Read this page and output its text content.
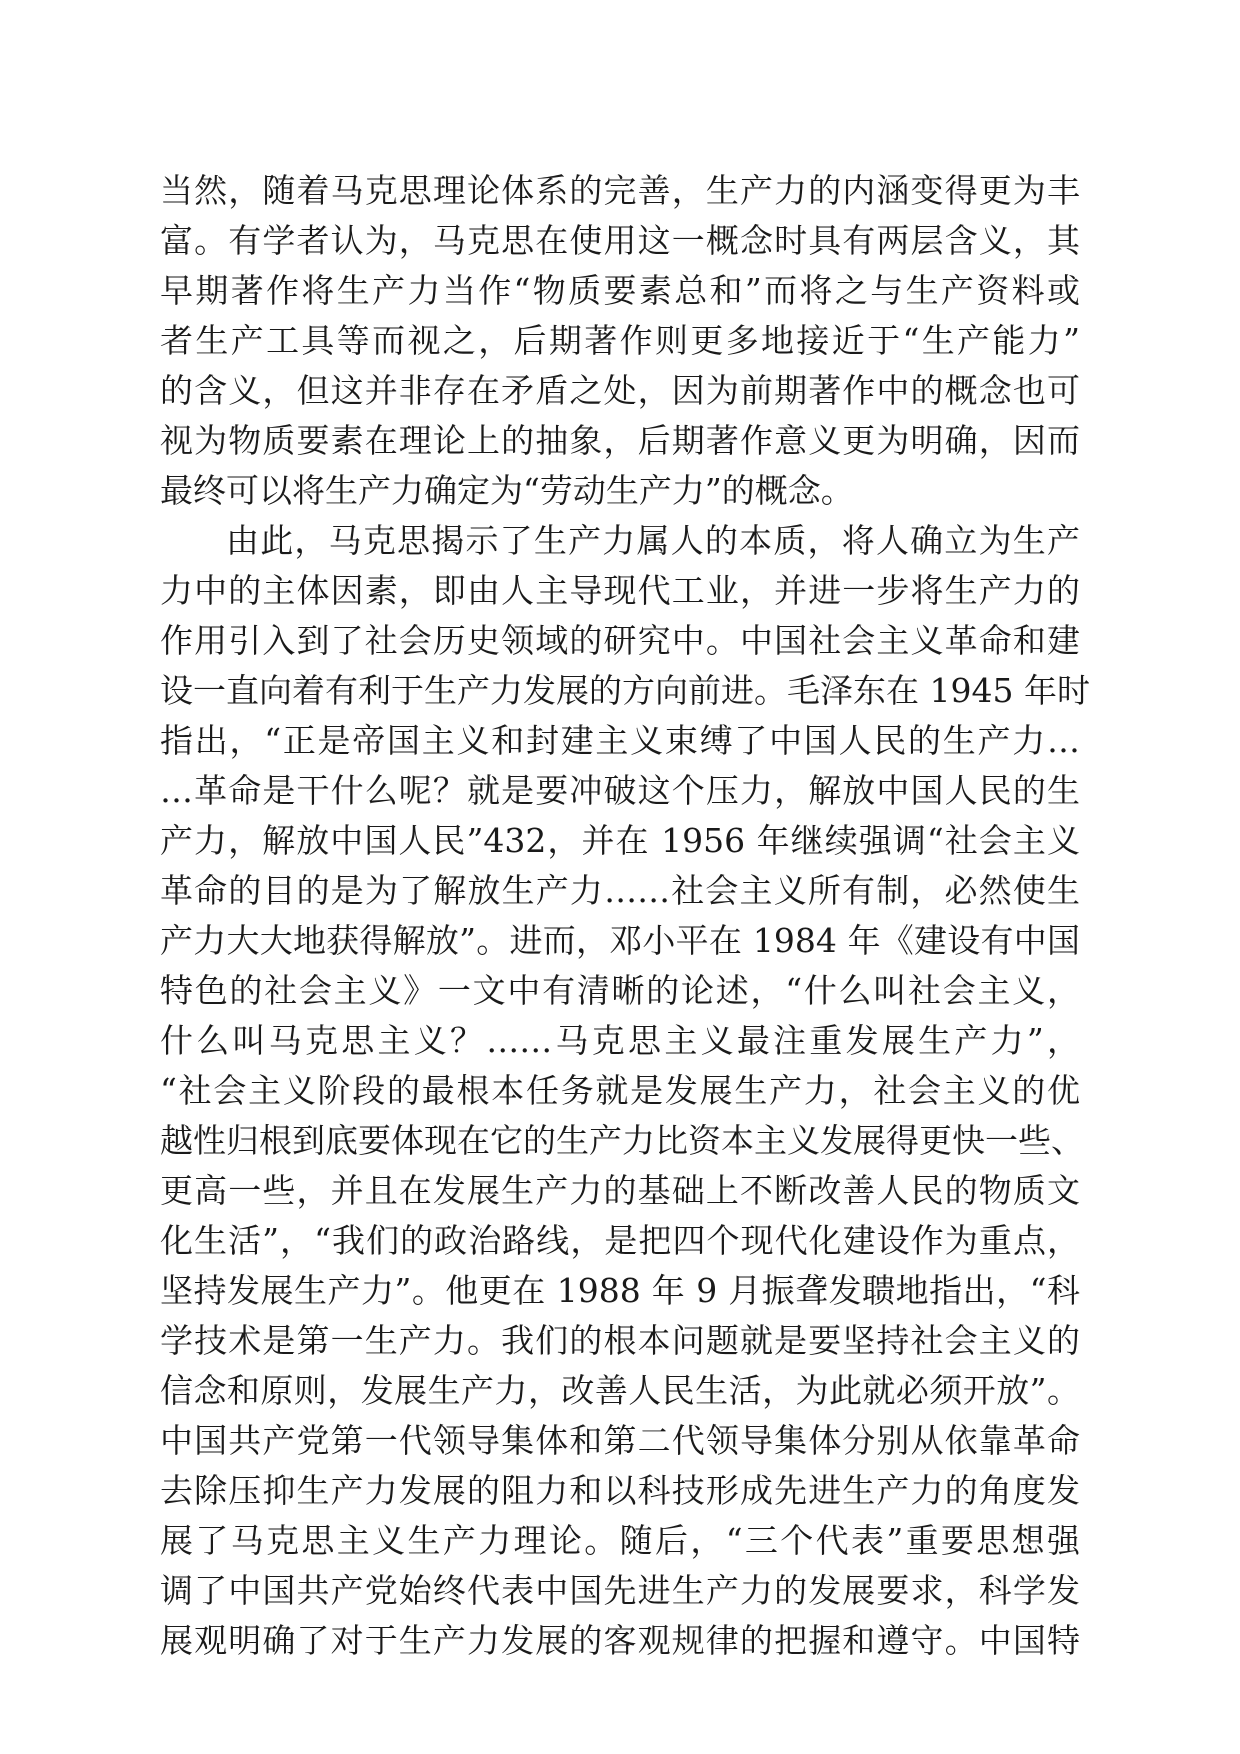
当然，随着马克思理论体系的完善，生产力的内涵变得更为丰
富。有学者认为，马克思在使用这一概念时具有两层含义，其
早期著作将生产力当作“物质要素总和”而将之与生产资料或
者生产工具等而视之，后期著作则更多地接近于“生产能力”
的含义，但这并非存在矛盾之处，因为前期著作中的概念也可
视为物质要素在理论上的抽象，后期著作意义更为明确，因而
最终可以将生产力确定为“劳动生产力”的概念。
由此，马克思揭示了生产力属人的本质，将人确立为生产
力中的主体因素，即由人主导现代工业，并进一步将生产力的
作用引入到了社会历史领域的研究中。中国社会主义革命和建
设一直向着有利于生产力发展的方向前进。毛泽东在 1945 年时
指出，“正是帝国主义和封建主义束缚了中国人民的生产力…
…革命是干什么呢？就是要冲破这个压力，解放中国人民的生
产力，解放中国人民”432，并在 1956 年继续强调“社会主义
革命的目的是为了解放生产力……社会主义所有制，必然使生
产力大大地获得解放”。进而，邓小平在 1984 年《建设有中国
特色的社会主义》一文中有清晰的论述，“什么叫社会主义，
什么叫马克思主义？……马克思主义最注重发展生产力”，
“社会主义阶段的最根本任务就是发展生产力，社会主义的优
越性归根到底要体现在它的生产力比资本主义发展得更快一些、
更高一些，并且在发展生产力的基础上不断改善人民的物质文
化生活”，“我们的政治路线，是把四个现代化建设作为重点，
坚持发展生产力”。他更在 1988 年 9 月振聋发聩地指出，“科
学技术是第一生产力。我们的根本问题就是要坚持社会主义的
信念和原则，发展生产力，改善人民生活，为此就必须开放”。
中国共产党第一代领导集体和第二代领导集体分别从依靠革命
去除压抑生产力发展的阻力和以科技形成先进生产力的角度发
展了马克思主义生产力理论。随后，“三个代表”重要思想强
调了中国共产党始终代表中国先进生产力的发展要求，科学发
展观明确了对于生产力发展的客观规律的把握和遵守。中国特
